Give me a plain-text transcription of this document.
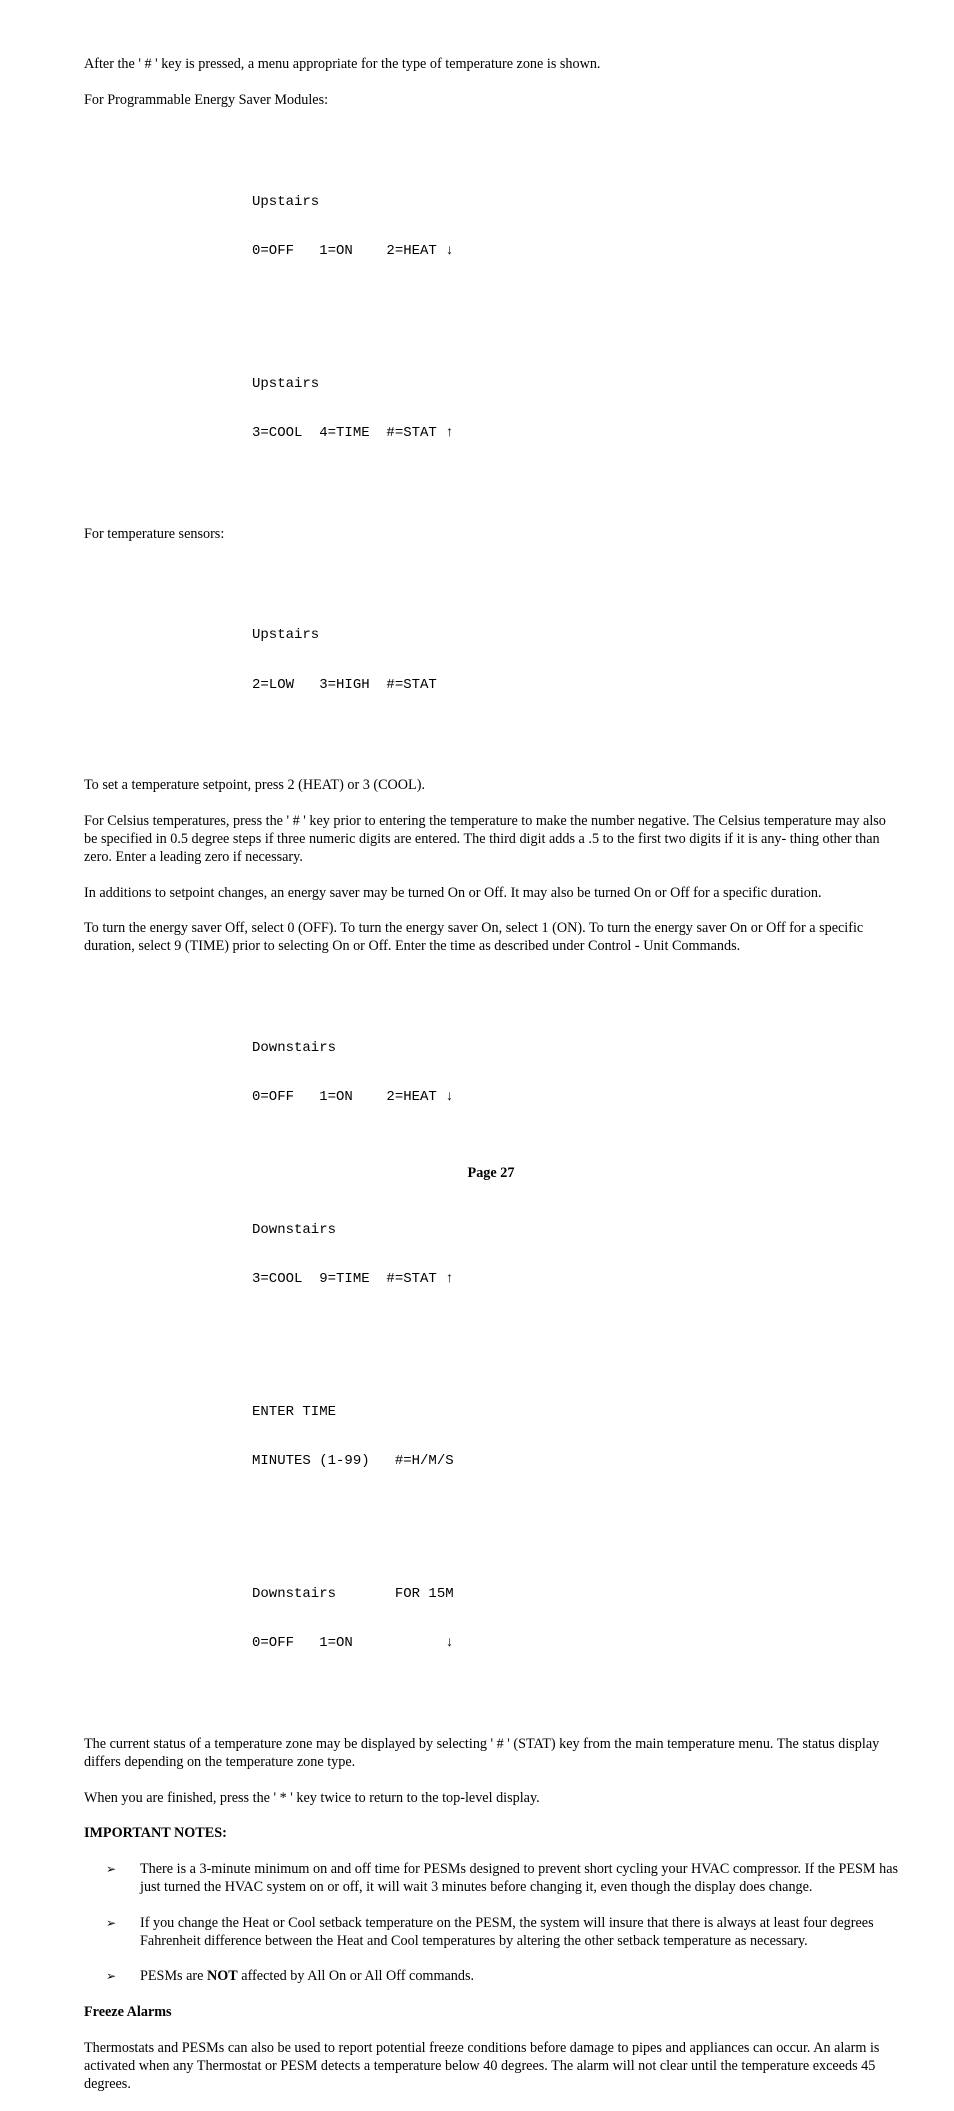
After the ' # ' key is pressed, a menu appropriate for the type of temperature zone is shown.

For Programmable Energy Saver Modules:

Upstairs

0=OFF   1=ON    2=HEAT ↓

Upstairs

3=COOL  4=TIME  #=STAT ↑

For temperature sensors:

Upstairs

2=LOW   3=HIGH  #=STAT

To set a temperature setpoint, press 2 (HEAT) or 3 (COOL).

For Celsius temperatures, press the ' # ' key prior to entering the temperature to make the number negative. The Celsius temperature may also be specified in 0.5 degree steps if three numeric digits are entered. The third digit adds a .5 to the first two digits if it is any- thing other than zero. Enter a leading zero if necessary.

In additions to setpoint changes, an energy saver may be turned On or Off. It may also be turned On or Off for a specific duration.

To turn the energy saver Off, select 0 (OFF). To turn the energy saver On, select 1 (ON). To turn the energy saver On or Off for a specific duration, select 9 (TIME) prior to selecting On or Off. Enter the time as described under Control - Unit Commands.

Downstairs

0=OFF   1=ON    2=HEAT ↓

Downstairs

3=COOL  9=TIME  #=STAT ↑

ENTER TIME

MINUTES (1-99)   #=H/M/S

Downstairs       FOR 15M

0=OFF   1=ON           ↓

The current status of a temperature zone may be displayed by selecting ' # ' (STAT) key from the main temperature menu. The status display differs depending on the temperature zone type.

When you are finished, press the ' * ' key twice to return to the top-level display.

IMPORTANT NOTES:
➢ There is a 3-minute minimum on and off time for PESMs designed to prevent short cycling your HVAC compressor. If the PESM has just turned the HVAC system on or off, it will wait 3 minutes before changing it, even though the display does change.
➢ If you change the Heat or Cool setback temperature on the PESM, the system will insure that there is always at least four degrees Fahrenheit difference between the Heat and Cool temperatures by altering the other setback temperature as necessary.
➢ PESMs are NOT affected by All On or All Off commands.
Freeze Alarms

Thermostats and PESMs can also be used to report potential freeze conditions before damage to pipes and appliances can occur. An alarm is activated when any Thermostat or PESM detects a temperature below 40 degrees. The alarm will not clear until the temperature exceeds 45 degrees.

Page 27
